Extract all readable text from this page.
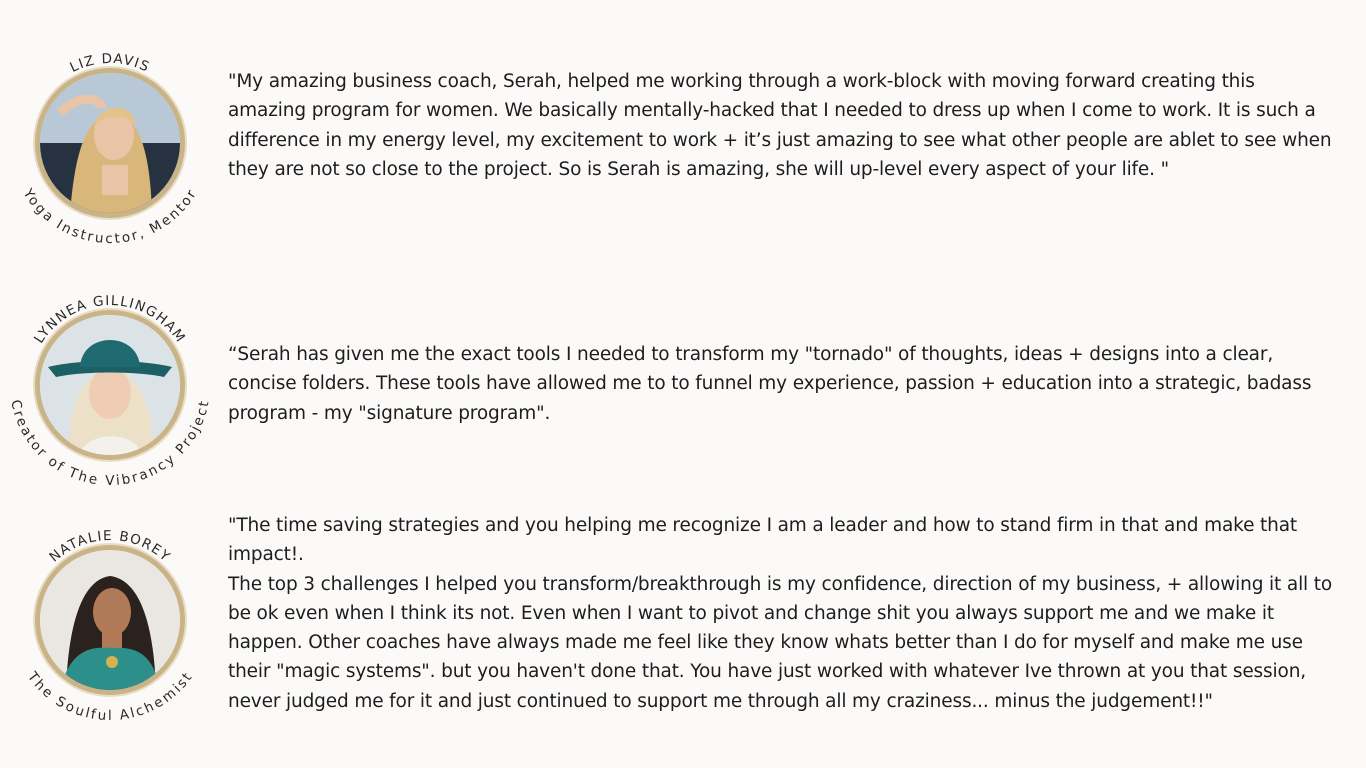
LIZ DAVIS
Yoga Instructor, Mentor

"My amazing business coach, Serah, helped me working through a work-block with moving forward creating this amazing program for women. We basically mentally-hacked that I needed to dress up when I come to work. It is such a difference in my energy level, my excitement to work + it’s just amazing to see what other people are ablet to see when they are not so close to the project. So is Serah is amazing, she will up-level every aspect of your life. "

LYNNEA GILLINGHAM
Creator of The Vibrancy Project

“Serah has given me the exact tools I needed to transform my "tornado" of thoughts, ideas + designs into a clear, concise folders. These tools have allowed me to to funnel my experience, passion + education into a strategic, badass program - my "signature program".

NATALIE BOREY
The Soulful Alchemist

"The time saving strategies and you helping me recognize I am a leader and how to stand firm in that and make that impact!.
The top 3 challenges I helped you transform/breakthrough is my confidence, direction of my business, + allowing it all to be ok even when I think its not. Even when I want to pivot and change shit you always support me and we make it happen. Other coaches have always made me feel like they know whats better than I do for myself and make me use their "magic systems". but you haven't done that. You have just worked with whatever Ive thrown at you that session, never judged me for it and just continued to support me through all my craziness... minus the judgement!!"
